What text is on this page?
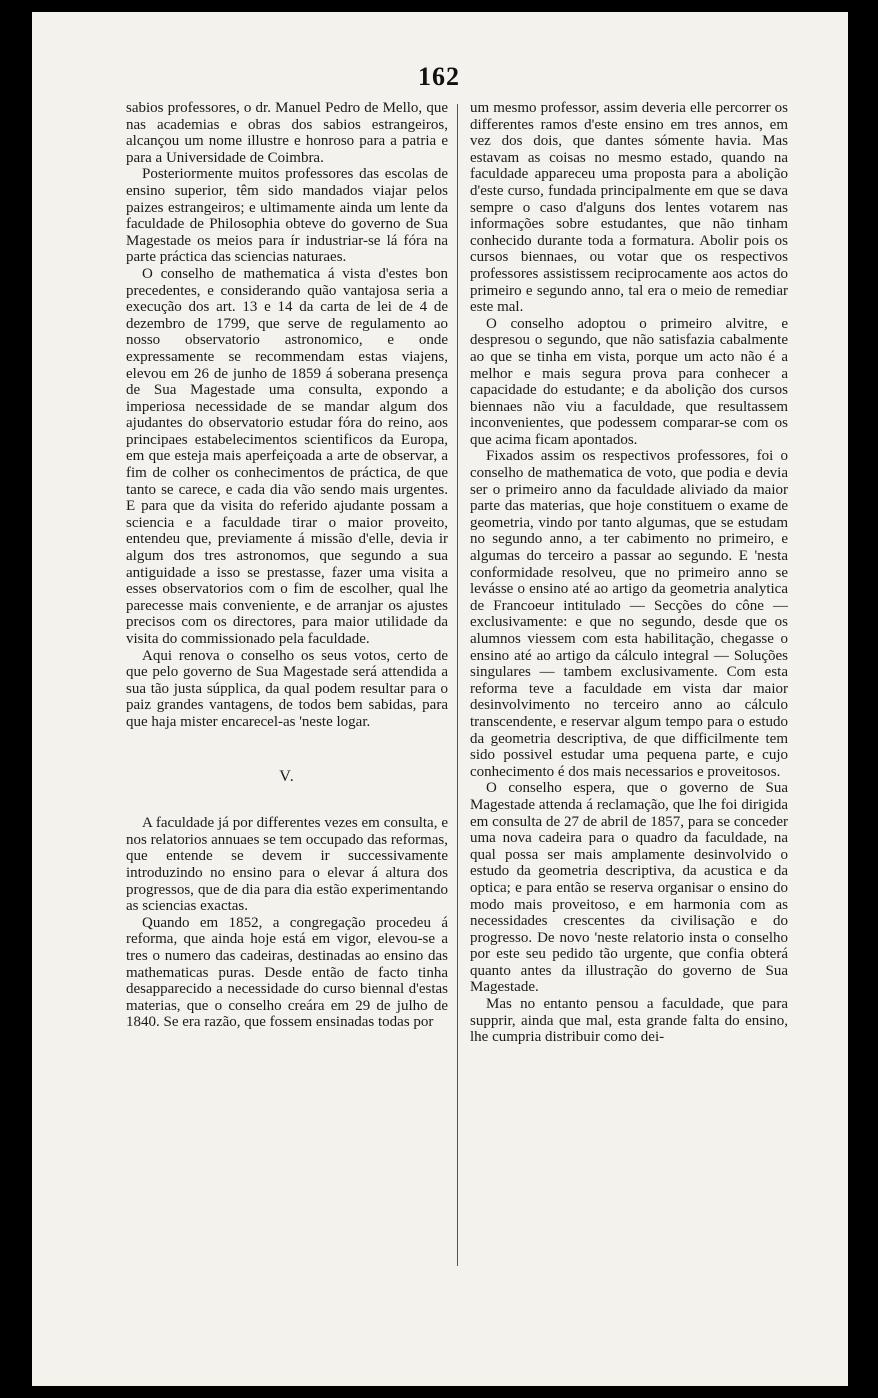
162

sabios professores, o dr. Manuel Pedro de Mello, que nas academias e obras dos sabios estrangeiros, alcançou um nome illustre e honroso para a patria e para a Universidade de Coimbra.

Posteriormente muitos professores das escolas de ensino superior, têm sido mandados viajar pelos paizes estrangeiros; e ultimamente ainda um lente da faculdade de Philosophia obteve do governo de Sua Magestade os meios para ír industriar-se lá fóra na parte práctica das sciencias naturaes.

O conselho de mathematica á vista d'estes bon precedentes, e considerando quão vantajosa seria a execução dos art. 13 e 14 da carta de lei de 4 de dezembro de 1799, que serve de regulamento ao nosso observatorio astronomico, e onde expressamente se recommendam estas viajens, elevou em 26 de junho de 1859 á soberana presença de Sua Magestade uma consulta, expondo a imperiosa necessidade de se mandar algum dos ajudantes do observatorio estudar fóra do reino, aos principaes estabelecimentos scientificos da Europa, em que esteja mais aperfeiçoada a arte de observar, a fim de colher os conhecimentos de práctica, de que tanto se carece, e cada dia vão sendo mais urgentes. E para que da visita do referido ajudante possam a sciencia e a faculdade tirar o maior proveito, entendeu que, previamente á missão d'elle, devia ir algum dos tres astronomos, que segundo a sua antiguidade a isso se prestasse, fazer uma visita a esses observatorios com o fim de escolher, qual lhe parecesse mais conveniente, e de arranjar os ajustes precisos com os directores, para maior utilidade da visita do commissionado pela faculdade.

Aqui renova o conselho os seus votos, certo de que pelo governo de Sua Magestade será attendida a sua tão justa súpplica, da qual podem resultar para o paiz grandes vantagens, de todos bem sabidas, para que haja mister encarecel-as 'neste logar.

V.

A faculdade já por differentes vezes em consulta, e nos relatorios annuaes se tem occupado das reformas, que entende se devem ir successivamente introduzindo no ensino para o elevar á altura dos progressos, que de dia para dia estão experimentando as sciencias exactas.

Quando em 1852, a congregação procedeu á reforma, que ainda hoje está em vigor, elevou-se a tres o numero das cadeiras, destinadas ao ensino das mathematicas puras. Desde então de facto tinha desapparecido a necessidade do curso biennal d'estas materias, que o conselho creára em 29 de julho de 1840. Se era razão, que fossem ensinadas todas por

um mesmo professor, assim deveria elle percorrer os differentes ramos d'este ensino em tres annos, em vez dos dois, que dantes sómente havia. Mas estavam as coisas no mesmo estado, quando na faculdade appareceu uma proposta para a abolição d'este curso, fundada principalmente em que se dava sempre o caso d'alguns dos lentes votarem nas informações sobre estudantes, que não tinham conhecido durante toda a formatura. Abolir pois os cursos biennaes, ou votar que os respectivos professores assistissem reciprocamente aos actos do primeiro e segundo anno, tal era o meio de remediar este mal.

O conselho adoptou o primeiro alvitre, e despresou o segundo, que não satisfazia cabalmente ao que se tinha em vista, porque um acto não é a melhor e mais segura prova para conhecer a capacidade do estudante; e da abolição dos cursos biennaes não viu a faculdade, que resultassem inconvenientes, que podessem comparar-se com os que acima ficam apontados.

Fixados assim os respectivos professores, foi o conselho de mathematica de voto, que podia e devia ser o primeiro anno da faculdade aliviado da maior parte das materias, que hoje constituem o exame de geometria, vindo por tanto algumas, que se estudam no segundo anno, a ter cabimento no primeiro, e algumas do terceiro a passar ao segundo. E 'nesta conformidade resolveu, que no primeiro anno se levásse o ensino até ao artigo da geometria analytica de Francoeur intitulado — Secções do cône — exclusivamente: e que no segundo, desde que os alumnos viessem com esta habilitação, chegasse o ensino até ao artigo da cálculo integral — Soluções singulares — tambem exclusivamente. Com esta reforma teve a faculdade em vista dar maior desinvolvimento no terceiro anno ao cálculo transcendente, e reservar algum tempo para o estudo da geometria descriptiva, de que difficilmente tem sido possivel estudar uma pequena parte, e cujo conhecimento é dos mais necessarios e proveitosos.

O conselho espera, que o governo de Sua Magestade attenda á reclamação, que lhe foi dirigida em consulta de 27 de abril de 1857, para se conceder uma nova cadeira para o quadro da faculdade, na qual possa ser mais amplamente desinvolvido o estudo da geometria descriptiva, da acustica e da optica; e para então se reserva organisar o ensino do modo mais proveitoso, e em harmonia com as necessidades crescentes da civilisação e do progresso. De novo 'neste relatorio insta o conselho por este seu pedido tão urgente, que confia obterá quanto antes da illustração do governo de Sua Magestade.

Mas no entanto pensou a faculdade, que para supprir, ainda que mal, esta grande falta do ensino, lhe cumpria distribuir como dei-
